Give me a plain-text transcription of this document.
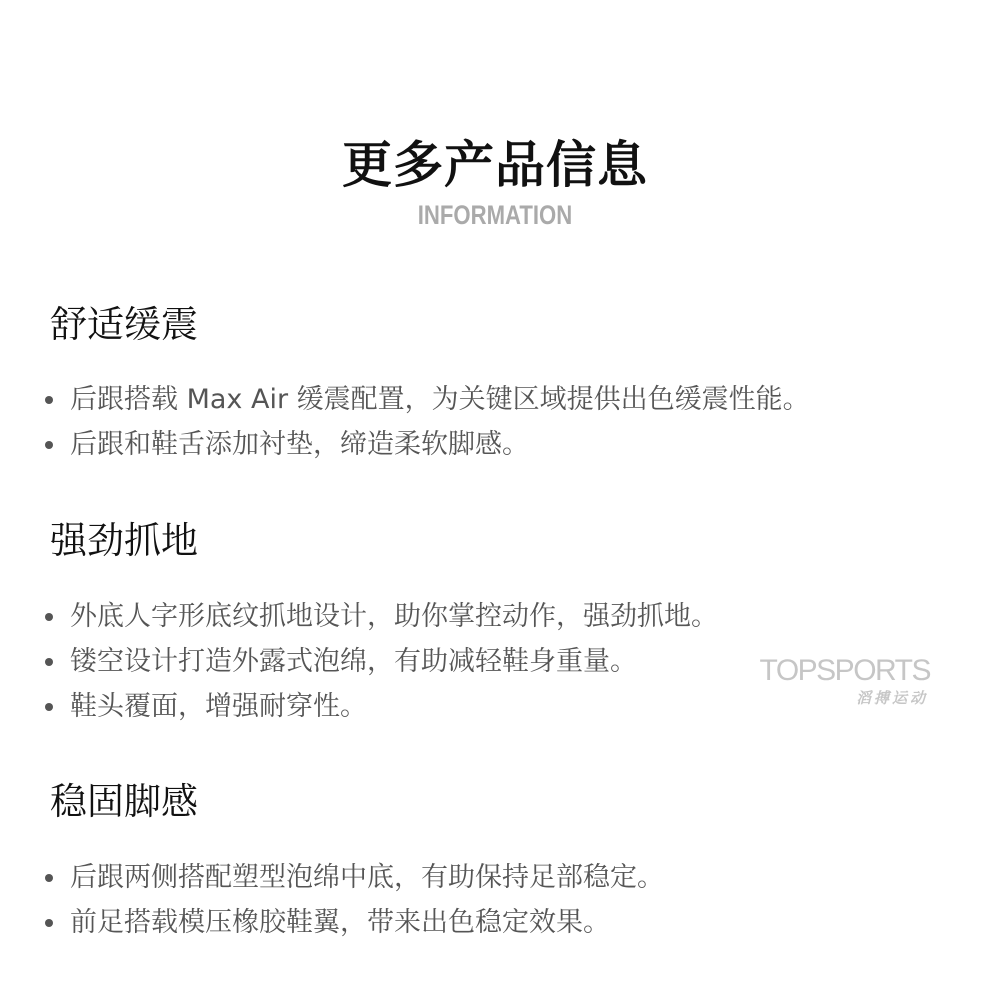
更多产品信息
INFORMATION
舒适缓震
后跟搭载 Max Air 缓震配置，为关键区域提供出色缓震性能。
后跟和鞋舌添加衬垫，缔造柔软脚感。
强劲抓地
外底人字形底纹抓地设计，助你掌控动作，强劲抓地。
镂空设计打造外露式泡绵，有助减轻鞋身重量。
鞋头覆面，增强耐穿性。
稳固脚感
后跟两侧搭配塑型泡绵中底，有助保持足部稳定。
前足搭载模压橡胶鞋翼，带来出色稳定效果。
TOPSPORTS
滔搏运动
